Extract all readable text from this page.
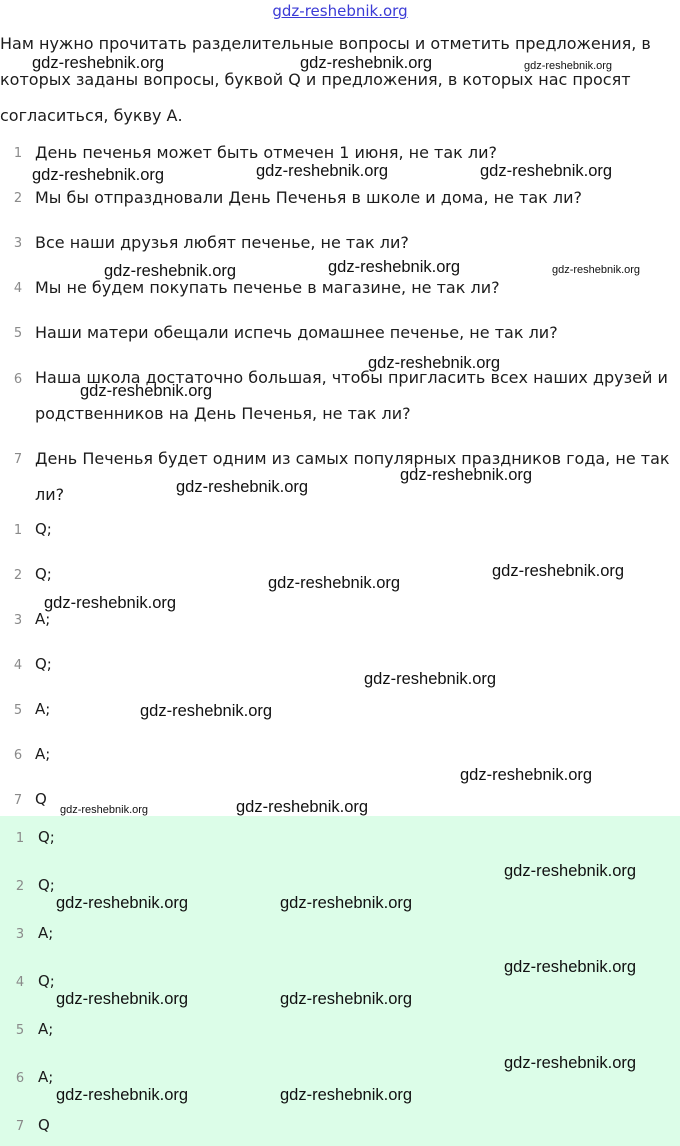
gdz-reshebnik.org
Нам нужно прочитать разделительные вопросы и отметить предложения, в
которых заданы вопросы, буквой Q и предложения, в которых нас просят
согласиться, букву А.
1 День печенья может быть отмечен 1 июня, не так ли?
2 Мы бы отпраздновали День Печенья в школе и дома, не так ли?
3 Все наши друзья любят печенье, не так ли?
4 Мы не будем покупать печенье в магазине, не так ли?
5 Наши матери обещали испечь домашнее печенье, не так ли?
6 Наша школа достаточно большая, чтобы пригласить всех наших друзей и
родственников на День Печенья, не так ли?
7 День Печенья будет одним из самых популярных праздников года, не так
ли?
1 Q;
2 Q;
3 A;
4 Q;
5 A;
6 A;
7 Q
1 Q;
2 Q;
3 A;
4 Q;
5 A;
6 A;
7 Q
gdz-reshebnik.org	gdz-reshebnik.org	gdz-reshebnik.org
gdz-reshebnik.org	gdz-reshebnik.org	gdz-reshebnik.org
gdz-reshebnik.org	gdz-reshebnik.org	gdz-reshebnik.org
gdz-reshebnik.org
gdz-reshebnik.org
gdz-reshebnik.org
gdz-reshebnik.org
gdz-reshebnik.org
gdz-reshebnik.org
gdz-reshebnik.org
gdz-reshebnik.org
gdz-reshebnik.org
gdz-reshebnik.org
gdz-reshebnik.org	gdz-reshebnik.org
gdz-reshebnik.org
gdz-reshebnik.org	gdz-reshebnik.org
gdz-reshebnik.org
gdz-reshebnik.org	gdz-reshebnik.org
gdz-reshebnik.org
gdz-reshebnik.org	gdz-reshebnik.org
